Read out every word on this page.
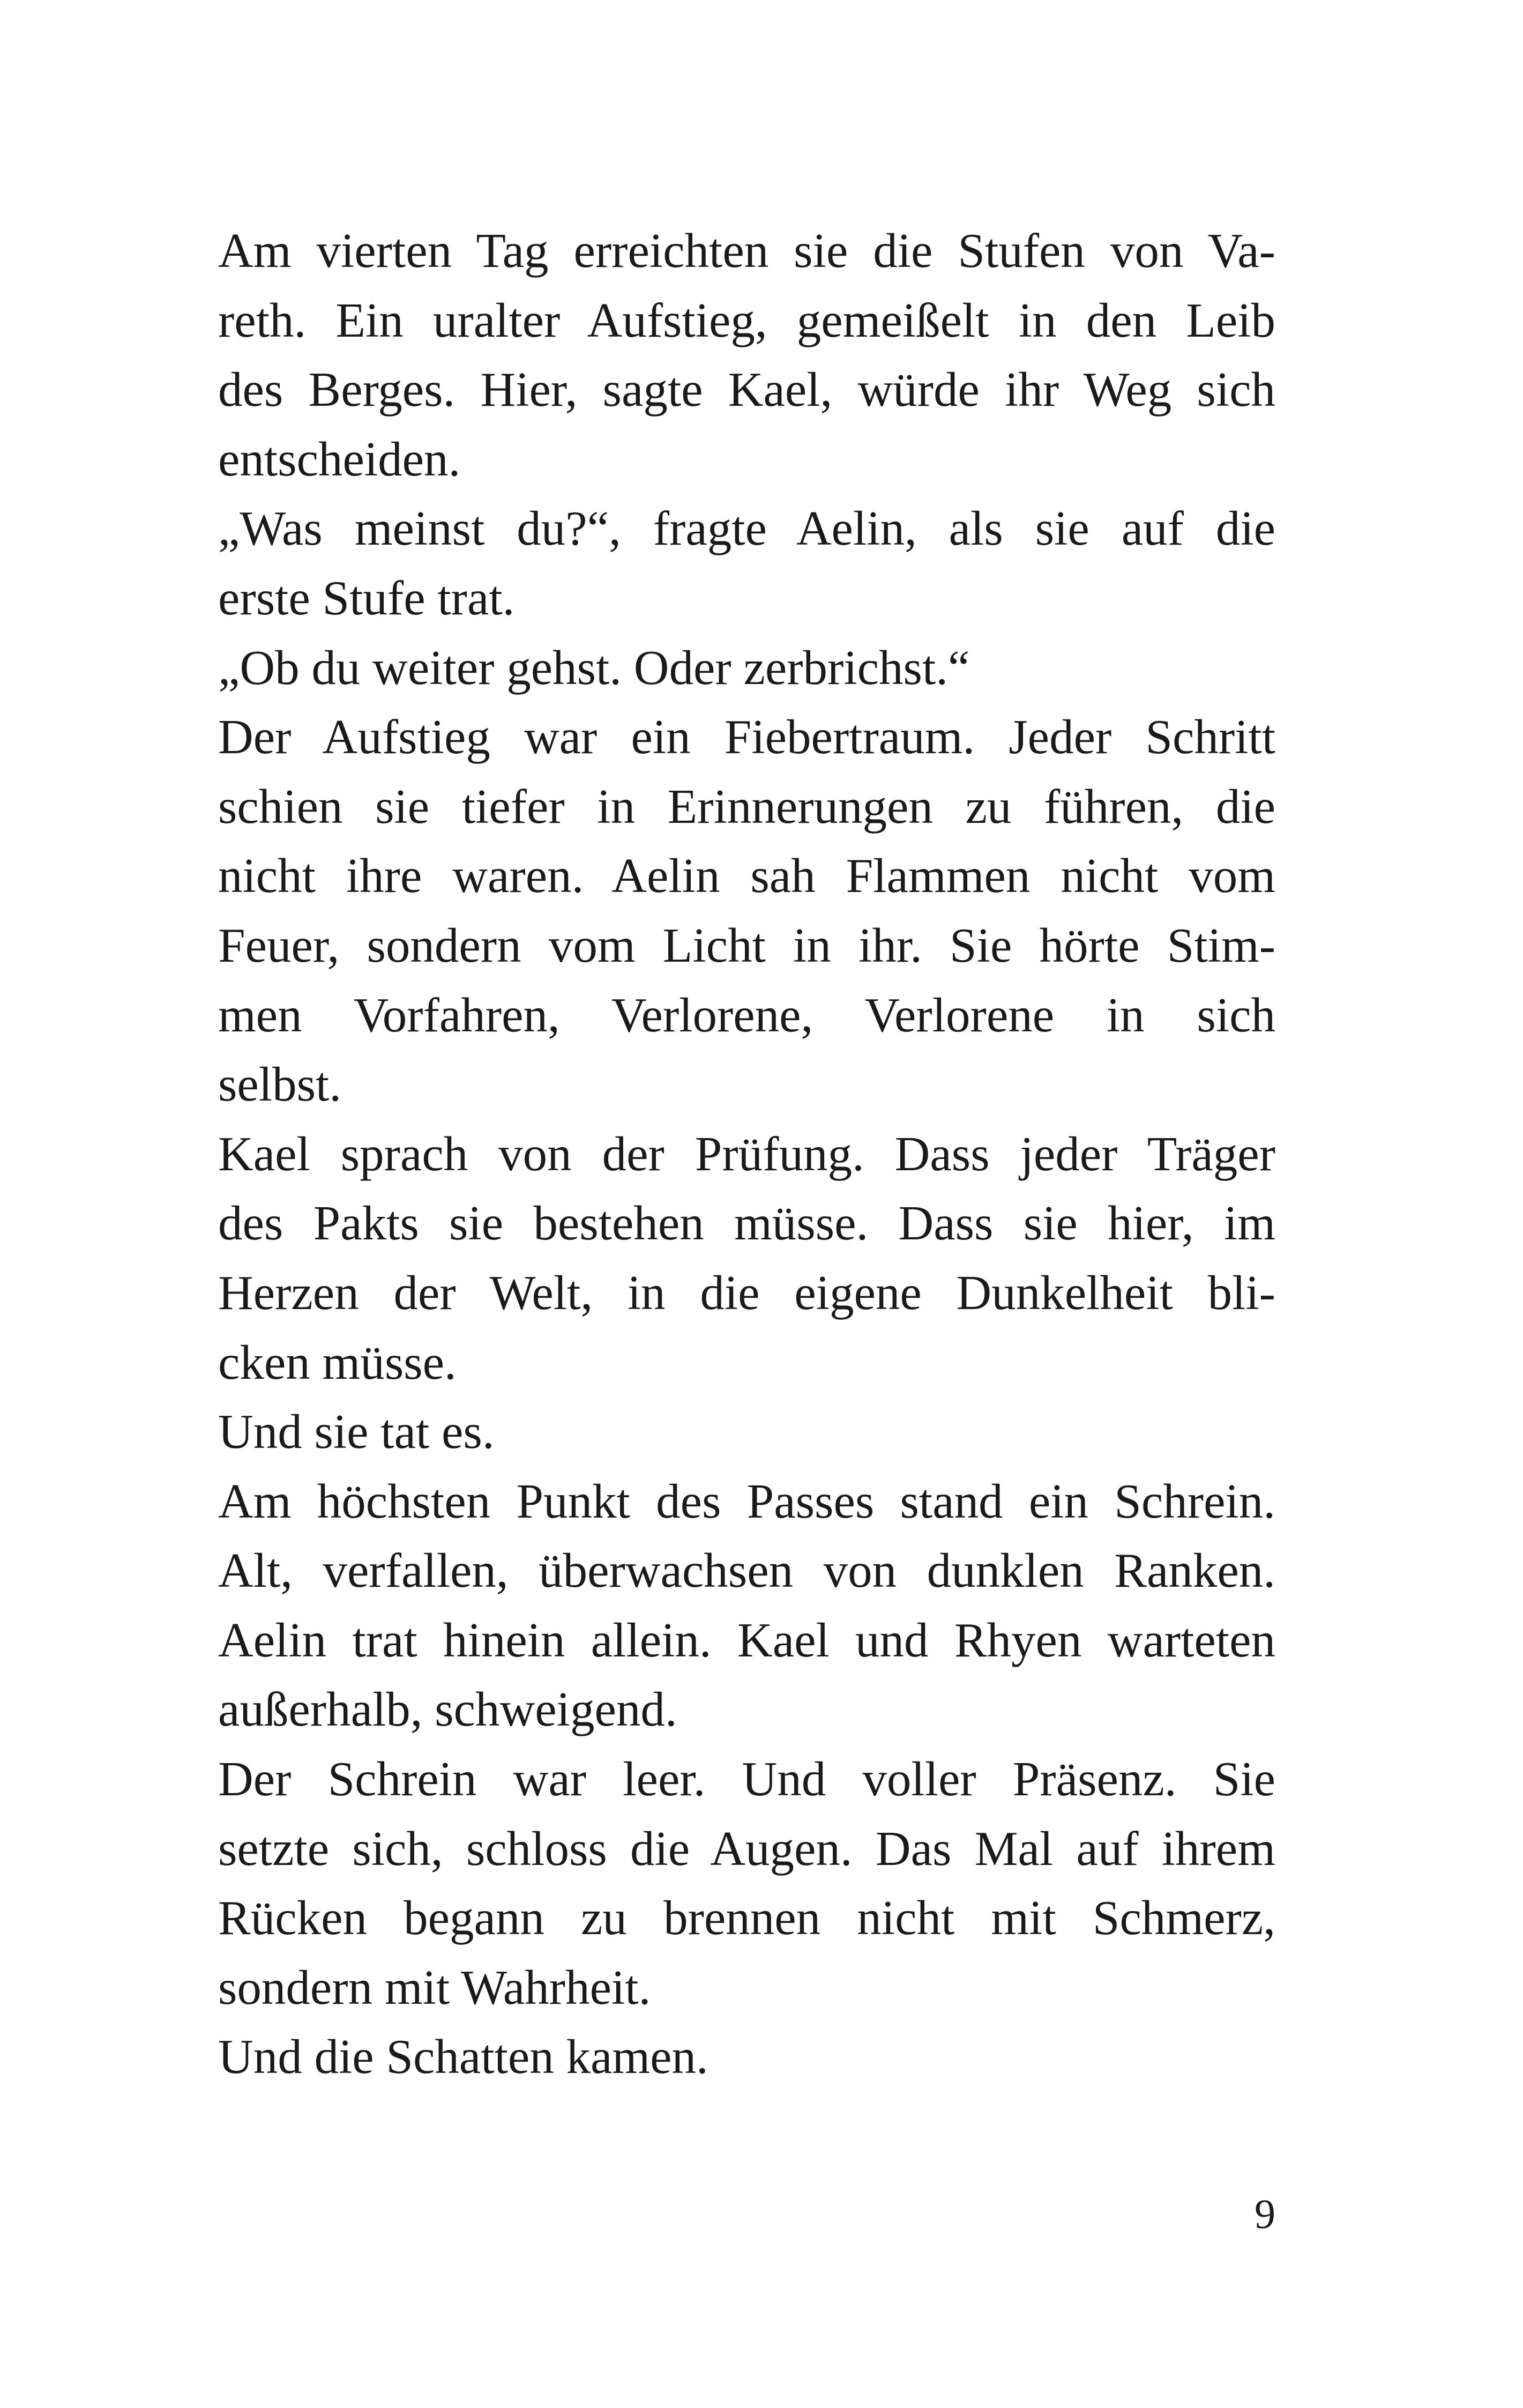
Am vierten Tag erreichten sie die Stufen von Va-
reth. Ein uralter Aufstieg, gemeißelt in den Leib
des Berges. Hier, sagte Kael, würde ihr Weg sich
entscheiden.
„Was meinst du?“, fragte Aelin, als sie auf die
erste Stufe trat.
„Ob du weiter gehst. Oder zerbrichst.“
Der Aufstieg war ein Fiebertraum. Jeder Schritt
schien sie tiefer in Erinnerungen zu führen, die
nicht ihre waren. Aelin sah Flammen nicht vom
Feuer, sondern vom Licht in ihr. Sie hörte Stim-
men Vorfahren, Verlorene, Verlorene in sich
selbst.
Kael sprach von der Prüfung. Dass jeder Träger
des Pakts sie bestehen müsse. Dass sie hier, im
Herzen der Welt, in die eigene Dunkelheit bli-
cken müsse.
Und sie tat es.
Am höchsten Punkt des Passes stand ein Schrein.
Alt, verfallen, überwachsen von dunklen Ranken.
Aelin trat hinein allein. Kael und Rhyen warteten
außerhalb, schweigend.
Der Schrein war leer. Und voller Präsenz. Sie
setzte sich, schloss die Augen. Das Mal auf ihrem
Rücken begann zu brennen nicht mit Schmerz,
sondern mit Wahrheit.
Und die Schatten kamen.
9
